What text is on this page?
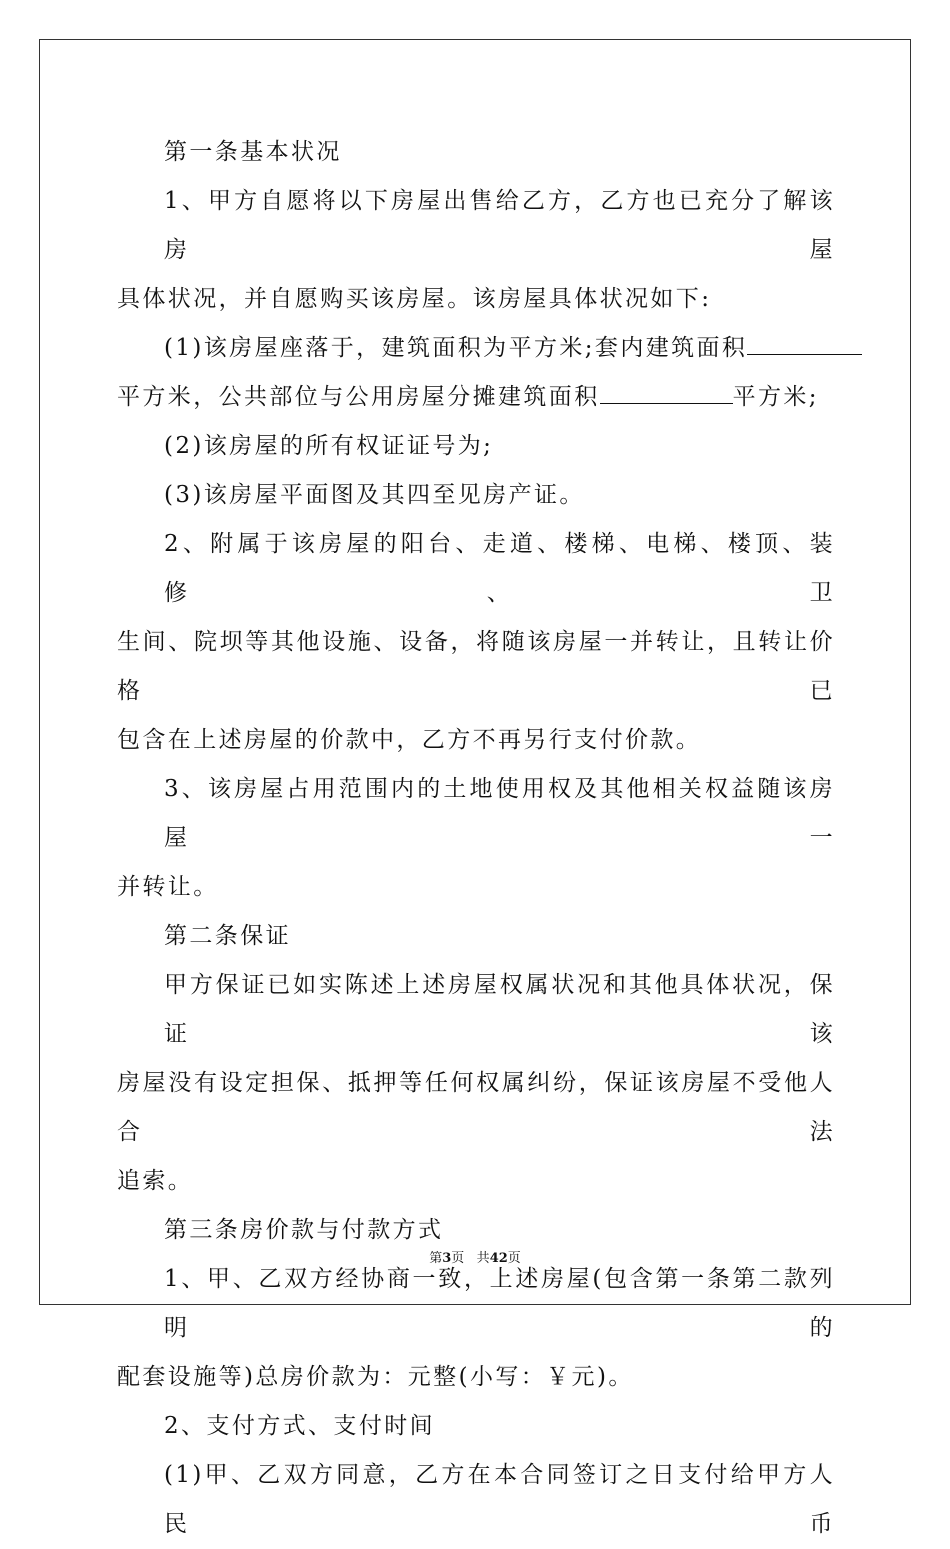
第一条基本状况
1、甲方自愿将以下房屋出售给乙方，乙方也已充分了解该房屋
具体状况，并自愿购买该房屋。该房屋具体状况如下:
(1)该房屋座落于，建筑面积为平方米;套内建筑面积
平方米，公共部位与公用房屋分摊建筑面积	平方米;
(2)该房屋的所有权证证号为;
(3)该房屋平面图及其四至见房产证。
2、附属于该房屋的阳台、走道、楼梯、电梯、楼顶、装修、卫
生间、院坝等其他设施、设备，将随该房屋一并转让，且转让价格已
包含在上述房屋的价款中，乙方不再另行支付价款。
3、该房屋占用范围内的土地使用权及其他相关权益随该房屋一
并转让。
第二条保证
甲方保证已如实陈述上述房屋权属状况和其他具体状况，保证该
房屋没有设定担保、抵押等任何权属纠纷，保证该房屋不受他人合法
追索。
第三条房价款与付款方式
1、甲、乙双方经协商一致，上述房屋(包含第一条第二款列明的
配套设施等)总房价款为：元整(小写：￥元)。
2、支付方式、支付时间
(1)甲、乙双方同意，乙方在本合同签订之日支付给甲方人民币
第3页 共42页
